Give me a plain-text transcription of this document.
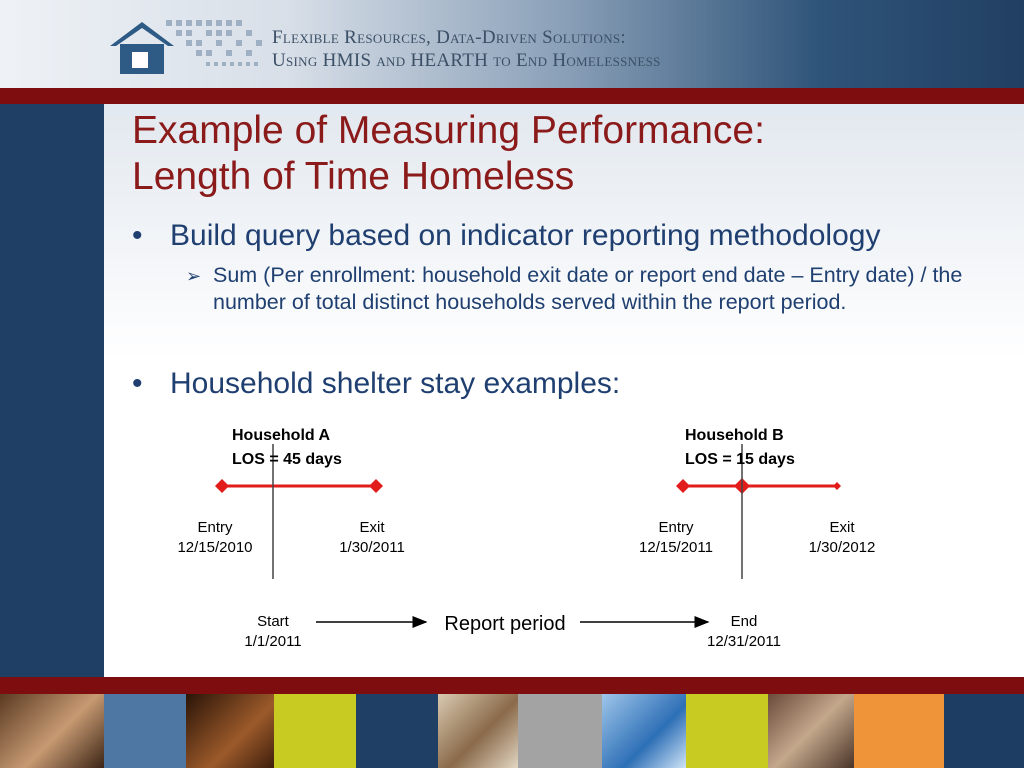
Flexible Resources, Data-Driven Solutions:
Using HMIS and HEARTH to End Homelessness
Example of Measuring Performance:
Length of Time Homeless
• Build query based on indicator reporting methodology
➢ Sum (Per enrollment: household exit date or report end date – Entry date) / the number of total distinct households served within the report period.
• Household shelter stay examples:
Household A
LOS = 45 days
Household B
LOS = 15 days
Entry
12/15/2010
Exit
1/30/2011
Entry
12/15/2011
Exit
1/30/2012
Start
1/1/2011
Report period	End
12/31/2011
